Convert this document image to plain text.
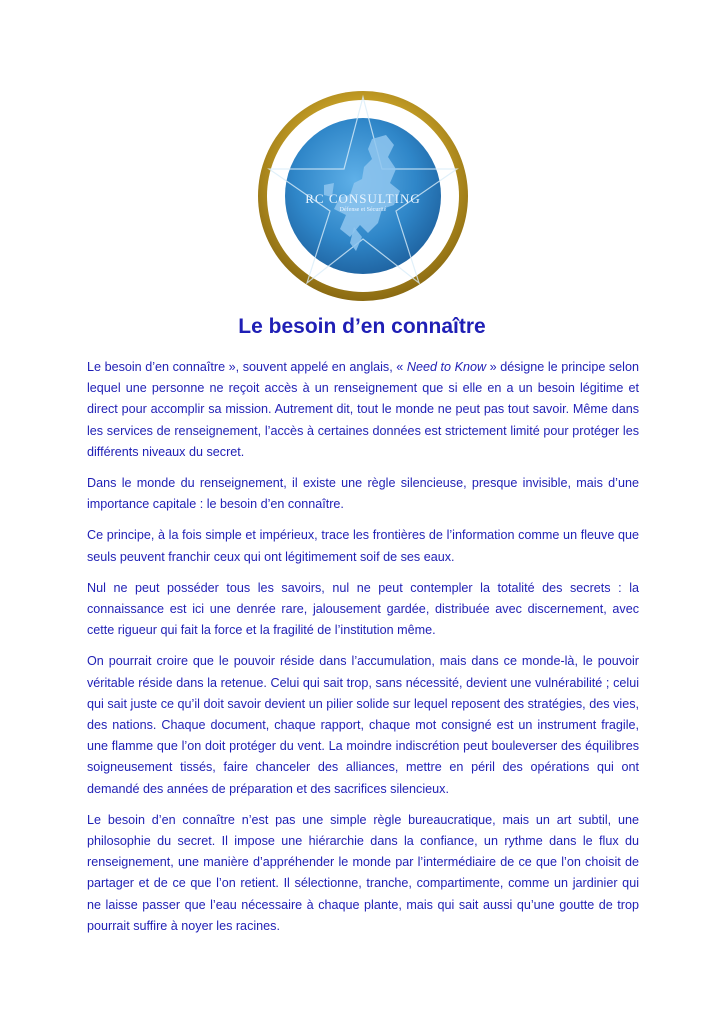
RC CONSULTING
Défense et Sécurité
Le besoin d’en connaître

Le besoin d’en connaître », souvent appelé en anglais, « Need to Know » désigne le principe selon lequel une personne ne reçoit accès à un renseignement que si elle en a un besoin légitime et direct pour accomplir sa mission. Autrement dit, tout le monde ne peut pas tout savoir. Même dans les services de renseignement, l’accès à certaines données est strictement limité pour protéger les différents niveaux du secret.

Dans le monde du renseignement, il existe une règle silencieuse, presque invisible, mais d’une importance capitale : le besoin d’en connaître.

Ce principe, à la fois simple et impérieux, trace les frontières de l’information comme un fleuve que seuls peuvent franchir ceux qui ont légitimement soif de ses eaux.

Nul ne peut posséder tous les savoirs, nul ne peut contempler la totalité des secrets : la connaissance est ici une denrée rare, jalousement gardée, distribuée avec discernement, avec cette rigueur qui fait la force et la fragilité de l’institution même.

On pourrait croire que le pouvoir réside dans l’accumulation, mais dans ce monde-là, le pouvoir véritable réside dans la retenue. Celui qui sait trop, sans nécessité, devient une vulnérabilité ; celui qui sait juste ce qu’il doit savoir devient un pilier solide sur lequel reposent des stratégies, des vies, des nations. Chaque document, chaque rapport, chaque mot consigné est un instrument fragile, une flamme que l’on doit protéger du vent. La moindre indiscrétion peut bouleverser des équilibres soigneusement tissés, faire chanceler des alliances, mettre en péril des opérations qui ont demandé des années de préparation et des sacrifices silencieux.

Le besoin d’en connaître n’est pas une simple règle bureaucratique, mais un art subtil, une philosophie du secret. Il impose une hiérarchie dans la confiance, un rythme dans le flux du renseignement, une manière d’appréhender le monde par l’intermédiaire de ce que l’on choisit de partager et de ce que l’on retient. Il sélectionne, tranche, compartimente, comme un jardinier qui ne laisse passer que l’eau nécessaire à chaque plante, mais qui sait aussi qu’une goutte de trop pourrait suffire à noyer les racines.
